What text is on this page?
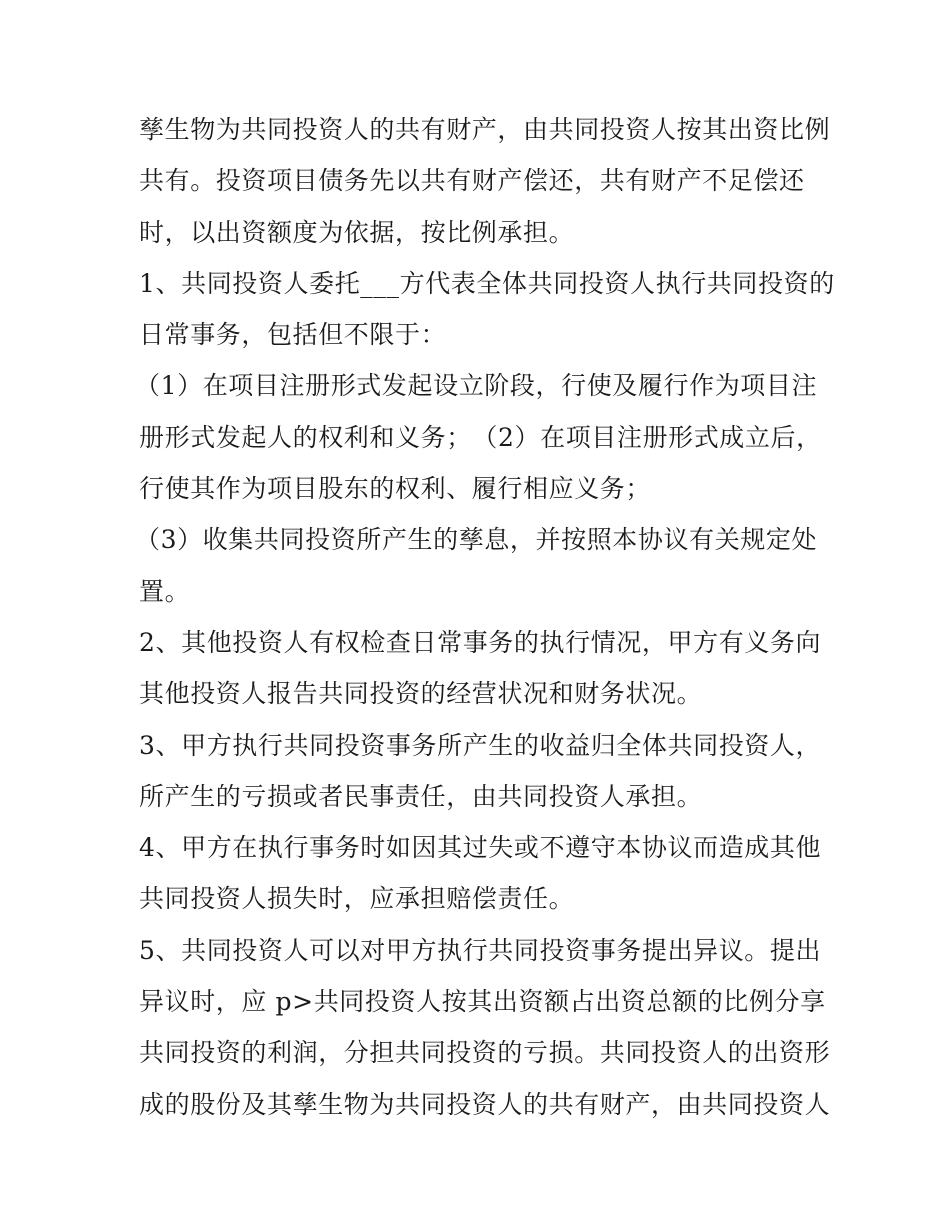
孳生物为共同投资人的共有财产，由共同投资人按其出资比例
共有。投资项目债务先以共有财产偿还，共有财产不足偿还
时，以出资额度为依据，按比例承担。
1、共同投资人委托___方代表全体共同投资人执行共同投资的
日常事务，包括但不限于：
（1）在项目注册形式发起设立阶段，行使及履行作为项目注
册形式发起人的权利和义务；　（2）在项目注册形式成立后，
行使其作为项目股东的权利、履行相应义务；
（3）收集共同投资所产生的孳息，并按照本协议有关规定处
置。
2、其他投资人有权检查日常事务的执行情况，甲方有义务向
其他投资人报告共同投资的经营状况和财务状况。
3、甲方执行共同投资事务所产生的收益归全体共同投资人，
所产生的亏损或者民事责任，由共同投资人承担。
4、甲方在执行事务时如因其过失或不遵守本协议而造成其他
共同投资人损失时，应承担赔偿责任。
5、共同投资人可以对甲方执行共同投资事务提出异议。提出
异议时，应 p>共同投资人按其出资额占出资总额的比例分享
共同投资的利润，分担共同投资的亏损。共同投资人的出资形
成的股份及其孳生物为共同投资人的共有财产，由共同投资人
